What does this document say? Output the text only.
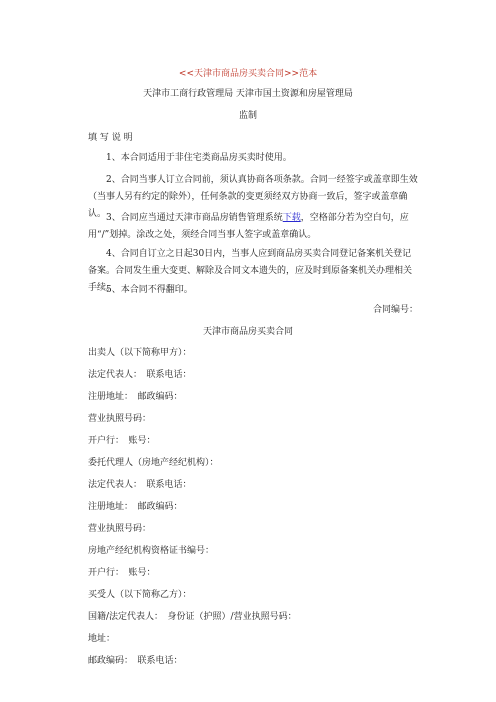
<<天津市商品房买卖合同>>范本
天津市工商行政管理局 天津市国土资源和房屋管理局
监制
填 写 说 明
1、本合同适用于非住宅类商品房买卖时使用。
2、合同当事人订立合同前，须认真协商各项条款。合同一经签字或盖章即生效（当事人另有约定的除外），任何条款的变更须经双方协商一致后，签字或盖章确认。 3、合同应当通过天津市商品房销售管理系统下载，空格部分若为空白句，应用“/”划掉。涂改之处，须经合同当事人签字或盖章确认。
4、合同自订立之日起30日内，当事人应到商品房买卖合同登记备案机关登记备案。合同发生重大变更、解除及合同文本遗失的，应及时到原备案机关办理相关手续。
5、本合同不得翻印。
合同编号：
天津市商品房买卖合同
出卖人（以下简称甲方）：
法定代表人：　联系电话：
注册地址：　邮政编码：
营业执照号码：
开户行：　账号：
委托代理人（房地产经纪机构）：
法定代表人：　联系电话：
注册地址：　邮政编码：
营业执照号码：
房地产经纪机构资格证书编号：
开户行：　账号：
买受人（以下简称乙方）：
国籍/法定代表人：　身份证（护照）/营业执照号码：
地址：
邮政编码：　联系电话：
